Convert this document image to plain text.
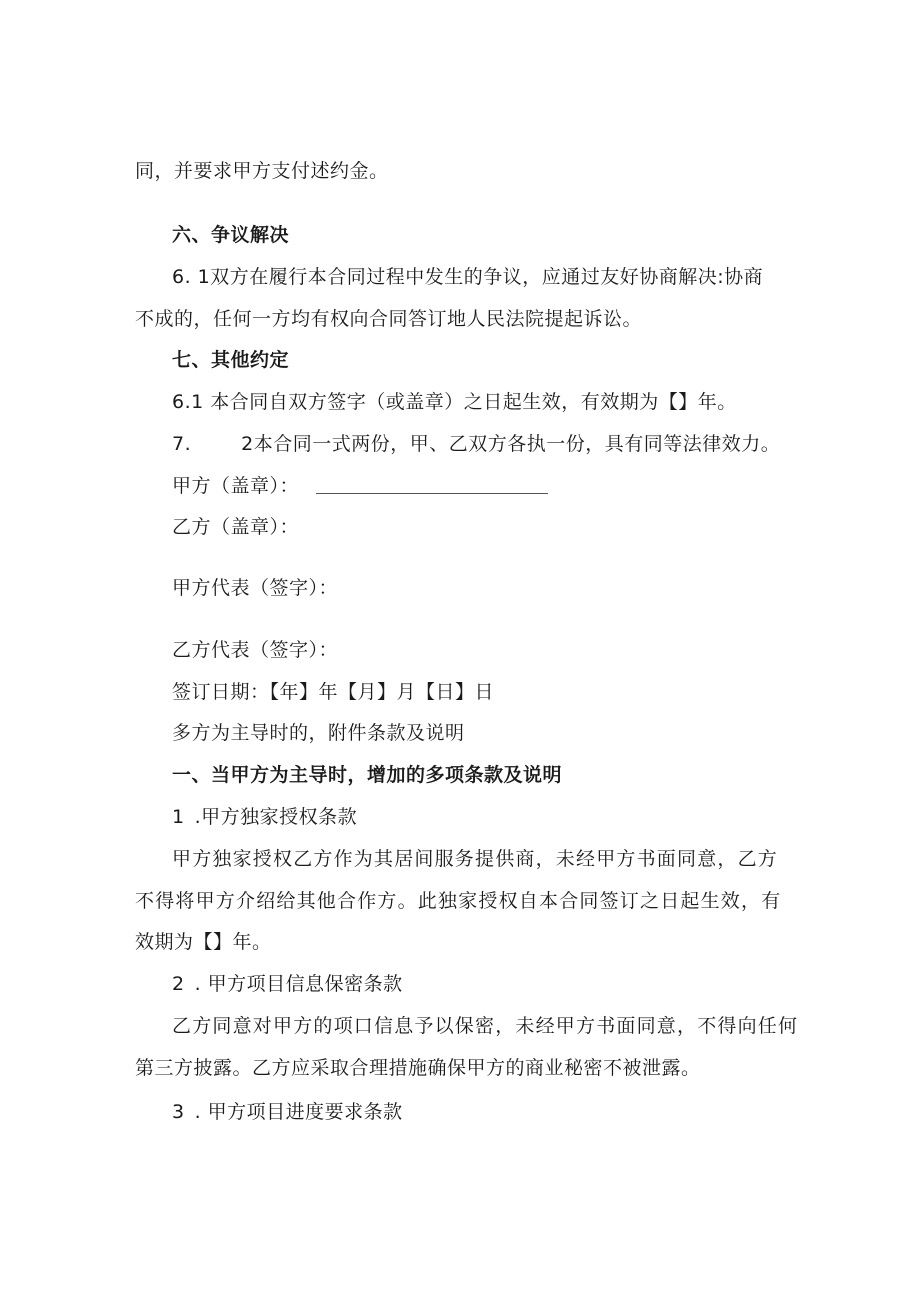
同，并要求甲方支付述约金。
六、争议解决
6. 1双方在履行本合同过程中发生的争议，应通过友好协商解决:协商
不成的，任何一方均有权向合同答订地人民法院提起诉讼。
七、其他约定
6.1 本合同自双方签字（或盖章）之日起生效，有效期为【】年。
7.	2本合同一式两份，甲、乙双方各执一份，具有同等法律效力。
甲方（盖章）：
乙方（盖章）：
甲方代表（签字）：
乙方代表（签字）：
签订日期：【年】年【月】月【日】日
多方为主导时的，附件条款及说明
一、当甲方为主导时，增加的多项条款及说明
1 .甲方独家授权条款
甲方独家授权乙方作为其居间服务提供商，未经甲方书面同意，乙方
不得将甲方介绍给其他合作方。此独家授权自本合同签订之日起生效，有
效期为【】年。
2 . 甲方项目信息保密条款
乙方同意对甲方的项口信息予以保密，未经甲方书面同意，不得向任何
第三方披露。乙方应采取合理措施确保甲方的商业秘密不被泄露。
3 . 甲方项目进度要求条款
